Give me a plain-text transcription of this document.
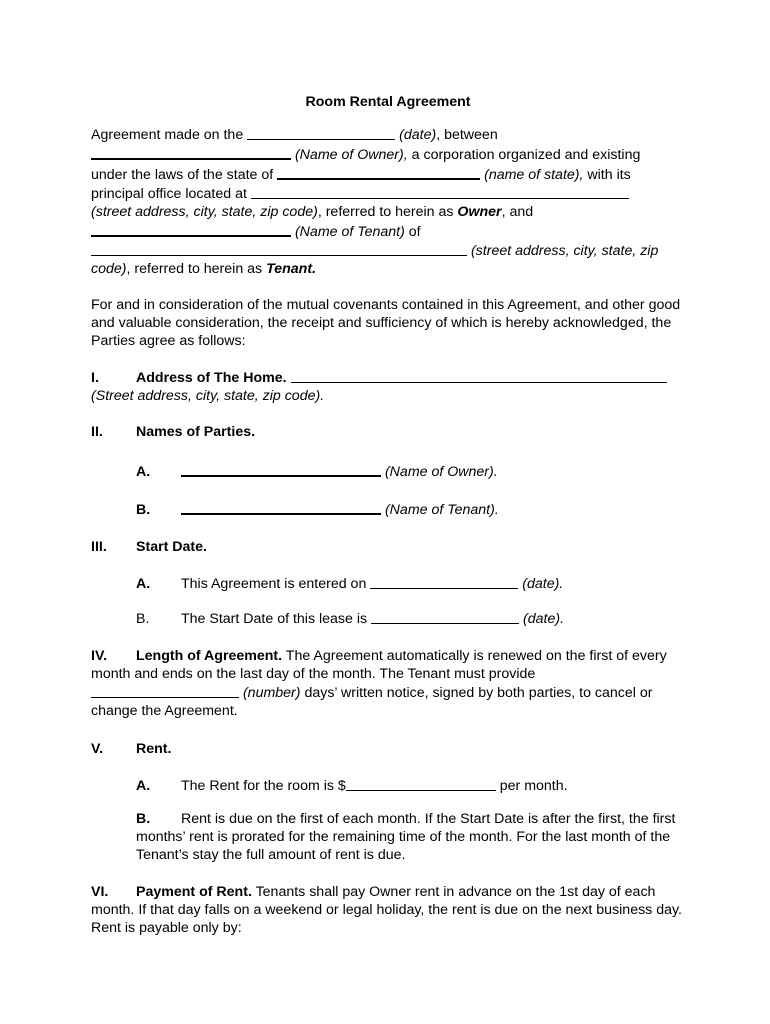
Room Rental Agreement

Agreement made on the	(date), between

(Name of Owner), a corporation organized and existing

under the laws of the state of	(name of state), with its

principal office located at

(street address, city, state, zip code), referred to herein as Owner, and

(Name of Tenant) of

(street address, city, state, zip

code), referred to herein as Tenant.

For and in consideration of the mutual covenants contained in this Agreement, and other good and valuable consideration, the receipt and sufficiency of which is hereby acknowledged, the Parties agree as follows:

I.	Address of The Home.

(Street address, city, state, zip code).

II. Names of Parties.

A.	(Name of Owner).

B.	(Name of Tenant).

III. Start Date.

A. This Agreement is entered on	(date).

B. The Start Date of this lease is	(date).

IV. Length of Agreement. The Agreement automatically is renewed on the first of every month and ends on the last day of the month. The Tenant must provide  (number) days’ written notice, signed by both parties, to cancel or change the Agreement.

V. Rent.

A. The Rent for the room is $	per month.

B. Rent is due on the first of each month. If the Start Date is after the first, the first months’ rent is prorated for the remaining time of the month. For the last month of the Tenant’s stay the full amount of rent is due.

VI. Payment of Rent. Tenants shall pay Owner rent in advance on the 1st day of each month. If that day falls on a weekend or legal holiday, the rent is due on the next business day. Rent is payable only by:
